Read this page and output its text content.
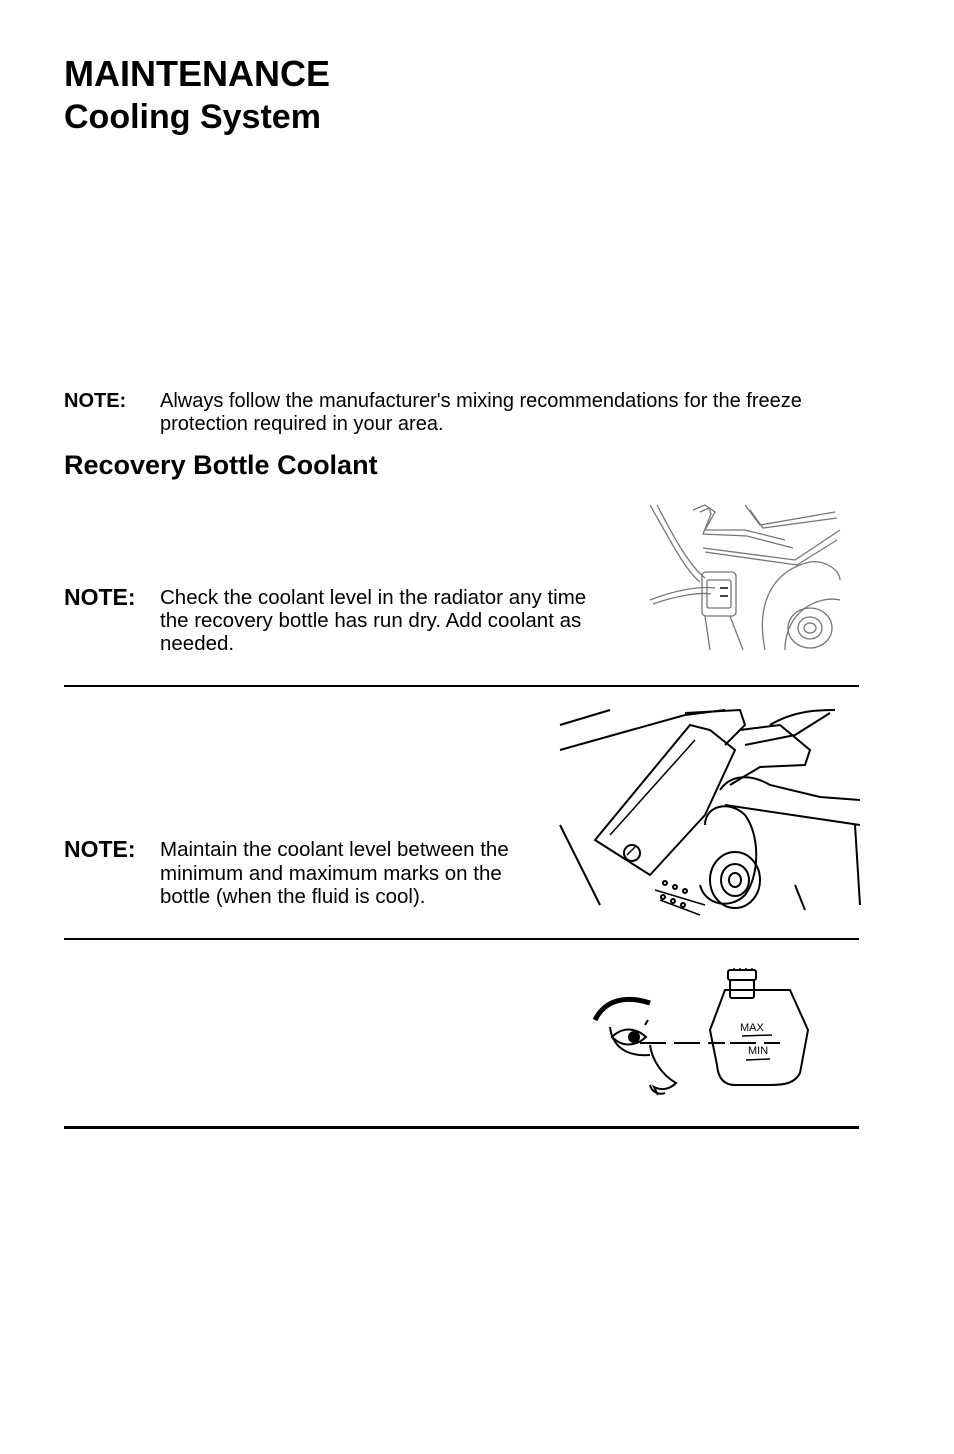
MAINTENANCE
Cooling System
NOTE: Always follow the manufacturer's mixing recommendations for the freeze protection required in your area.
Recovery Bottle Coolant
NOTE: Check the coolant level in the radiator any time the recovery bottle has run dry. Add coolant as needed.
NOTE: Maintain the coolant level between the minimum and maximum marks on the bottle (when the fluid is cool).
MAX
MIN
